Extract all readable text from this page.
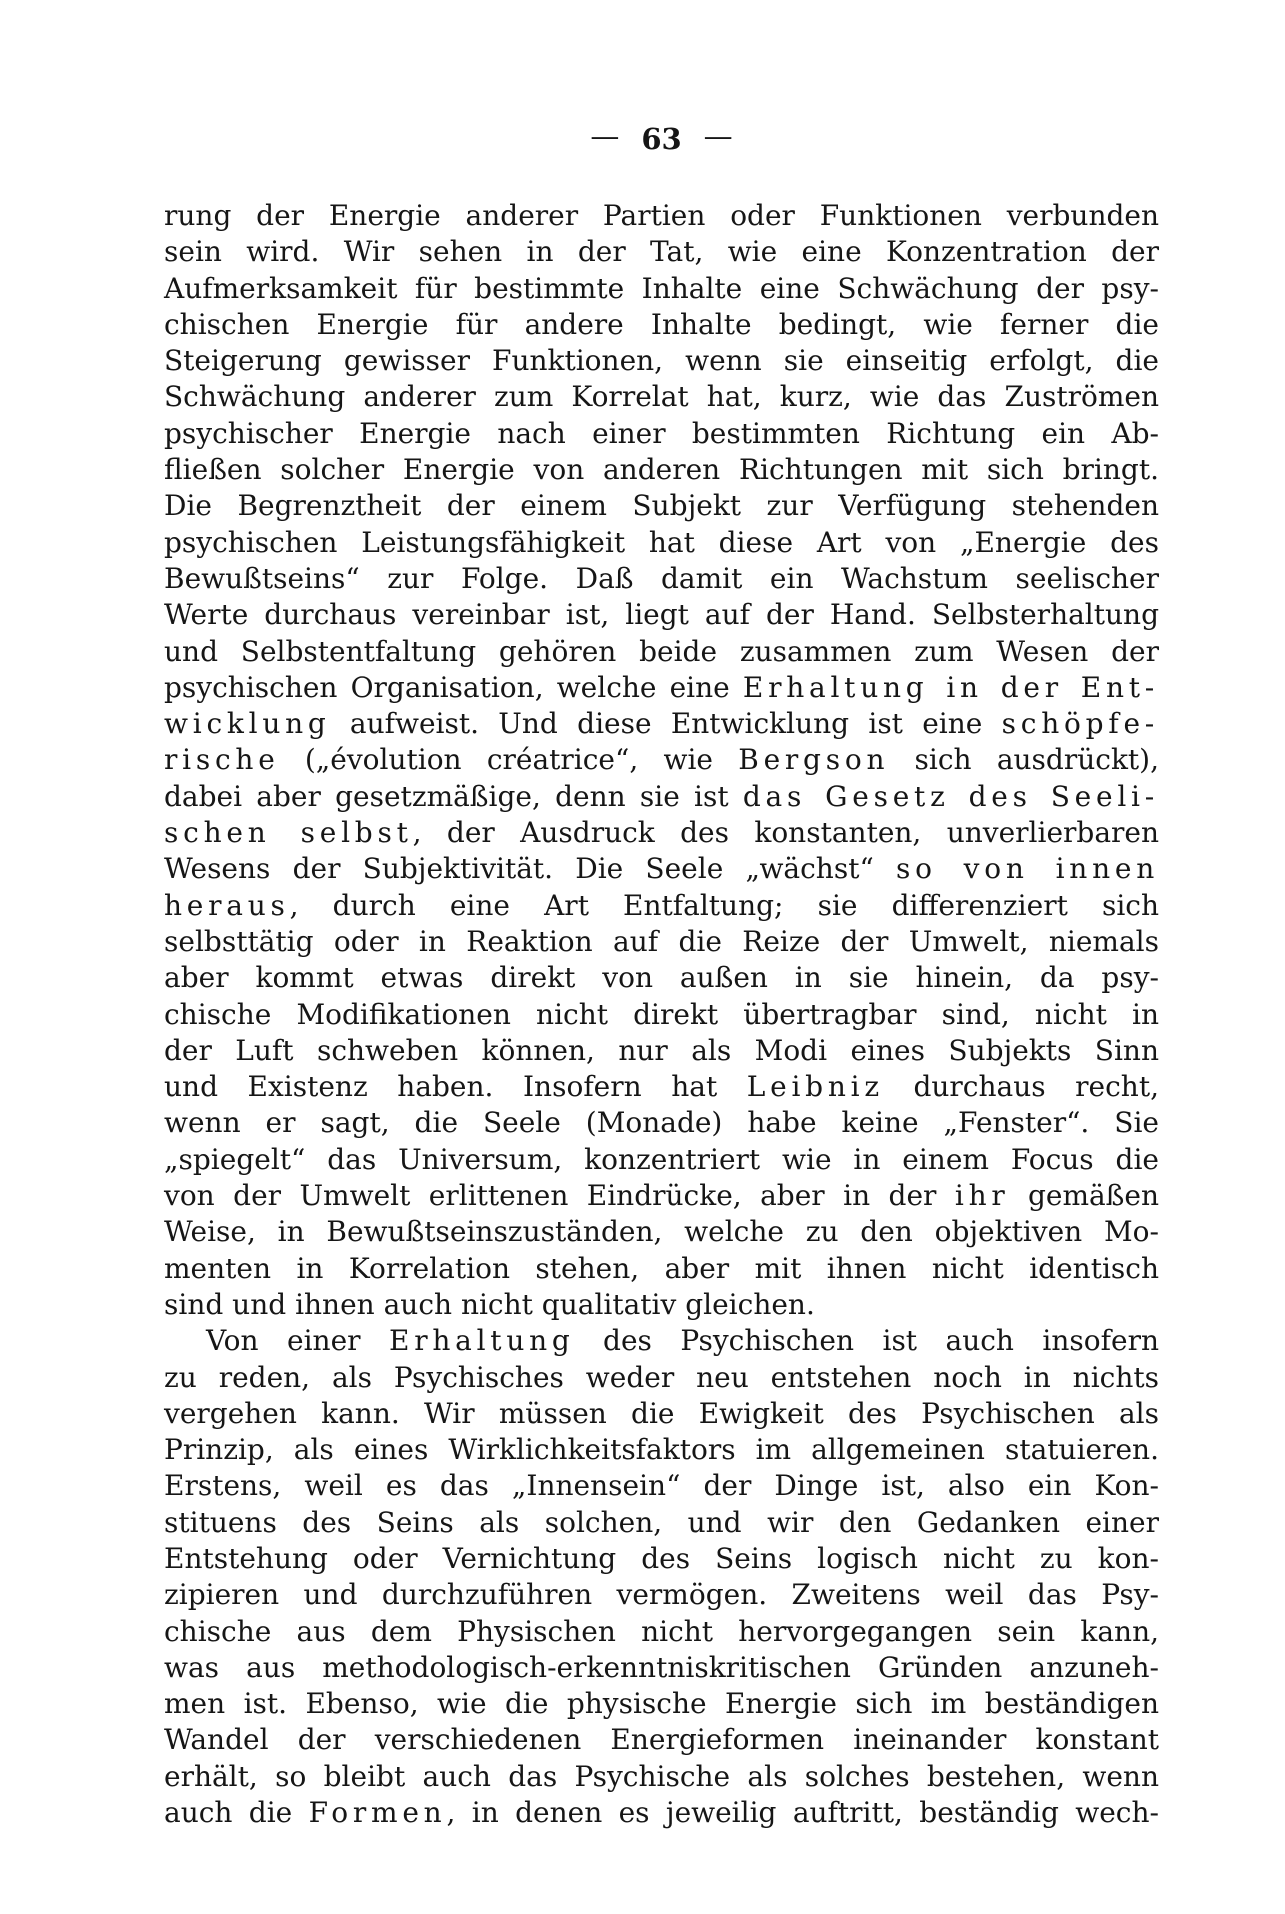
— 63 —
rung der Energie anderer Partien oder Funktionen verbunden
sein wird. Wir sehen in der Tat, wie eine Konzentration der
Aufmerksamkeit für bestimmte Inhalte eine Schwächung der psy-
chischen Energie für andere Inhalte bedingt, wie ferner die
Steigerung gewisser Funktionen, wenn sie einseitig erfolgt, die
Schwächung anderer zum Korrelat hat, kurz, wie das Zuströmen
psychischer Energie nach einer bestimmten Richtung ein Ab-
fließen solcher Energie von anderen Richtungen mit sich bringt.
Die Begrenztheit der einem Subjekt zur Verfügung stehenden
psychischen Leistungsfähigkeit hat diese Art von „Energie des
Bewußtseins“ zur Folge. Daß damit ein Wachstum seelischer
Werte durchaus vereinbar ist, liegt auf der Hand. Selbsterhaltung
und Selbstentfaltung gehören beide zusammen zum Wesen der
psychischen Organisation, welche eine Erhaltung in der Ent-
wicklung aufweist. Und diese Entwicklung ist eine schöpfe-
rische („évolution créatrice“, wie Bergson sich ausdrückt),
dabei aber gesetzmäßige, denn sie ist das Gesetz des Seeli-
schen selbst, der Ausdruck des konstanten, unverlierbaren
Wesens der Subjektivität. Die Seele „wächst“ so von innen
heraus, durch eine Art Entfaltung; sie differenziert sich
selbsttätig oder in Reaktion auf die Reize der Umwelt, niemals
aber kommt etwas direkt von außen in sie hinein, da psy-
chische Modifikationen nicht direkt übertragbar sind, nicht in
der Luft schweben können, nur als Modi eines Subjekts Sinn
und Existenz haben. Insofern hat Leibniz durchaus recht,
wenn er sagt, die Seele (Monade) habe keine „Fenster“. Sie
„spiegelt“ das Universum, konzentriert wie in einem Focus die
von der Umwelt erlittenen Eindrücke, aber in der ihr gemäßen
Weise, in Bewußtseinszuständen, welche zu den objektiven Mo-
menten in Korrelation stehen, aber mit ihnen nicht identisch
sind und ihnen auch nicht qualitativ gleichen.
Von einer Erhaltung des Psychischen ist auch insofern
zu reden, als Psychisches weder neu entstehen noch in nichts
vergehen kann. Wir müssen die Ewigkeit des Psychischen als
Prinzip, als eines Wirklichkeitsfaktors im allgemeinen statuieren.
Erstens, weil es das „Innensein“ der Dinge ist, also ein Kon-
stituens des Seins als solchen, und wir den Gedanken einer
Entstehung oder Vernichtung des Seins logisch nicht zu kon-
zipieren und durchzuführen vermögen. Zweitens weil das Psy-
chische aus dem Physischen nicht hervorgegangen sein kann,
was aus methodologisch-erkenntniskritischen Gründen anzuneh-
men ist. Ebenso, wie die physische Energie sich im beständigen
Wandel der verschiedenen Energieformen ineinander konstant
erhält, so bleibt auch das Psychische als solches bestehen, wenn
auch die Formen, in denen es jeweilig auftritt, beständig wech-
